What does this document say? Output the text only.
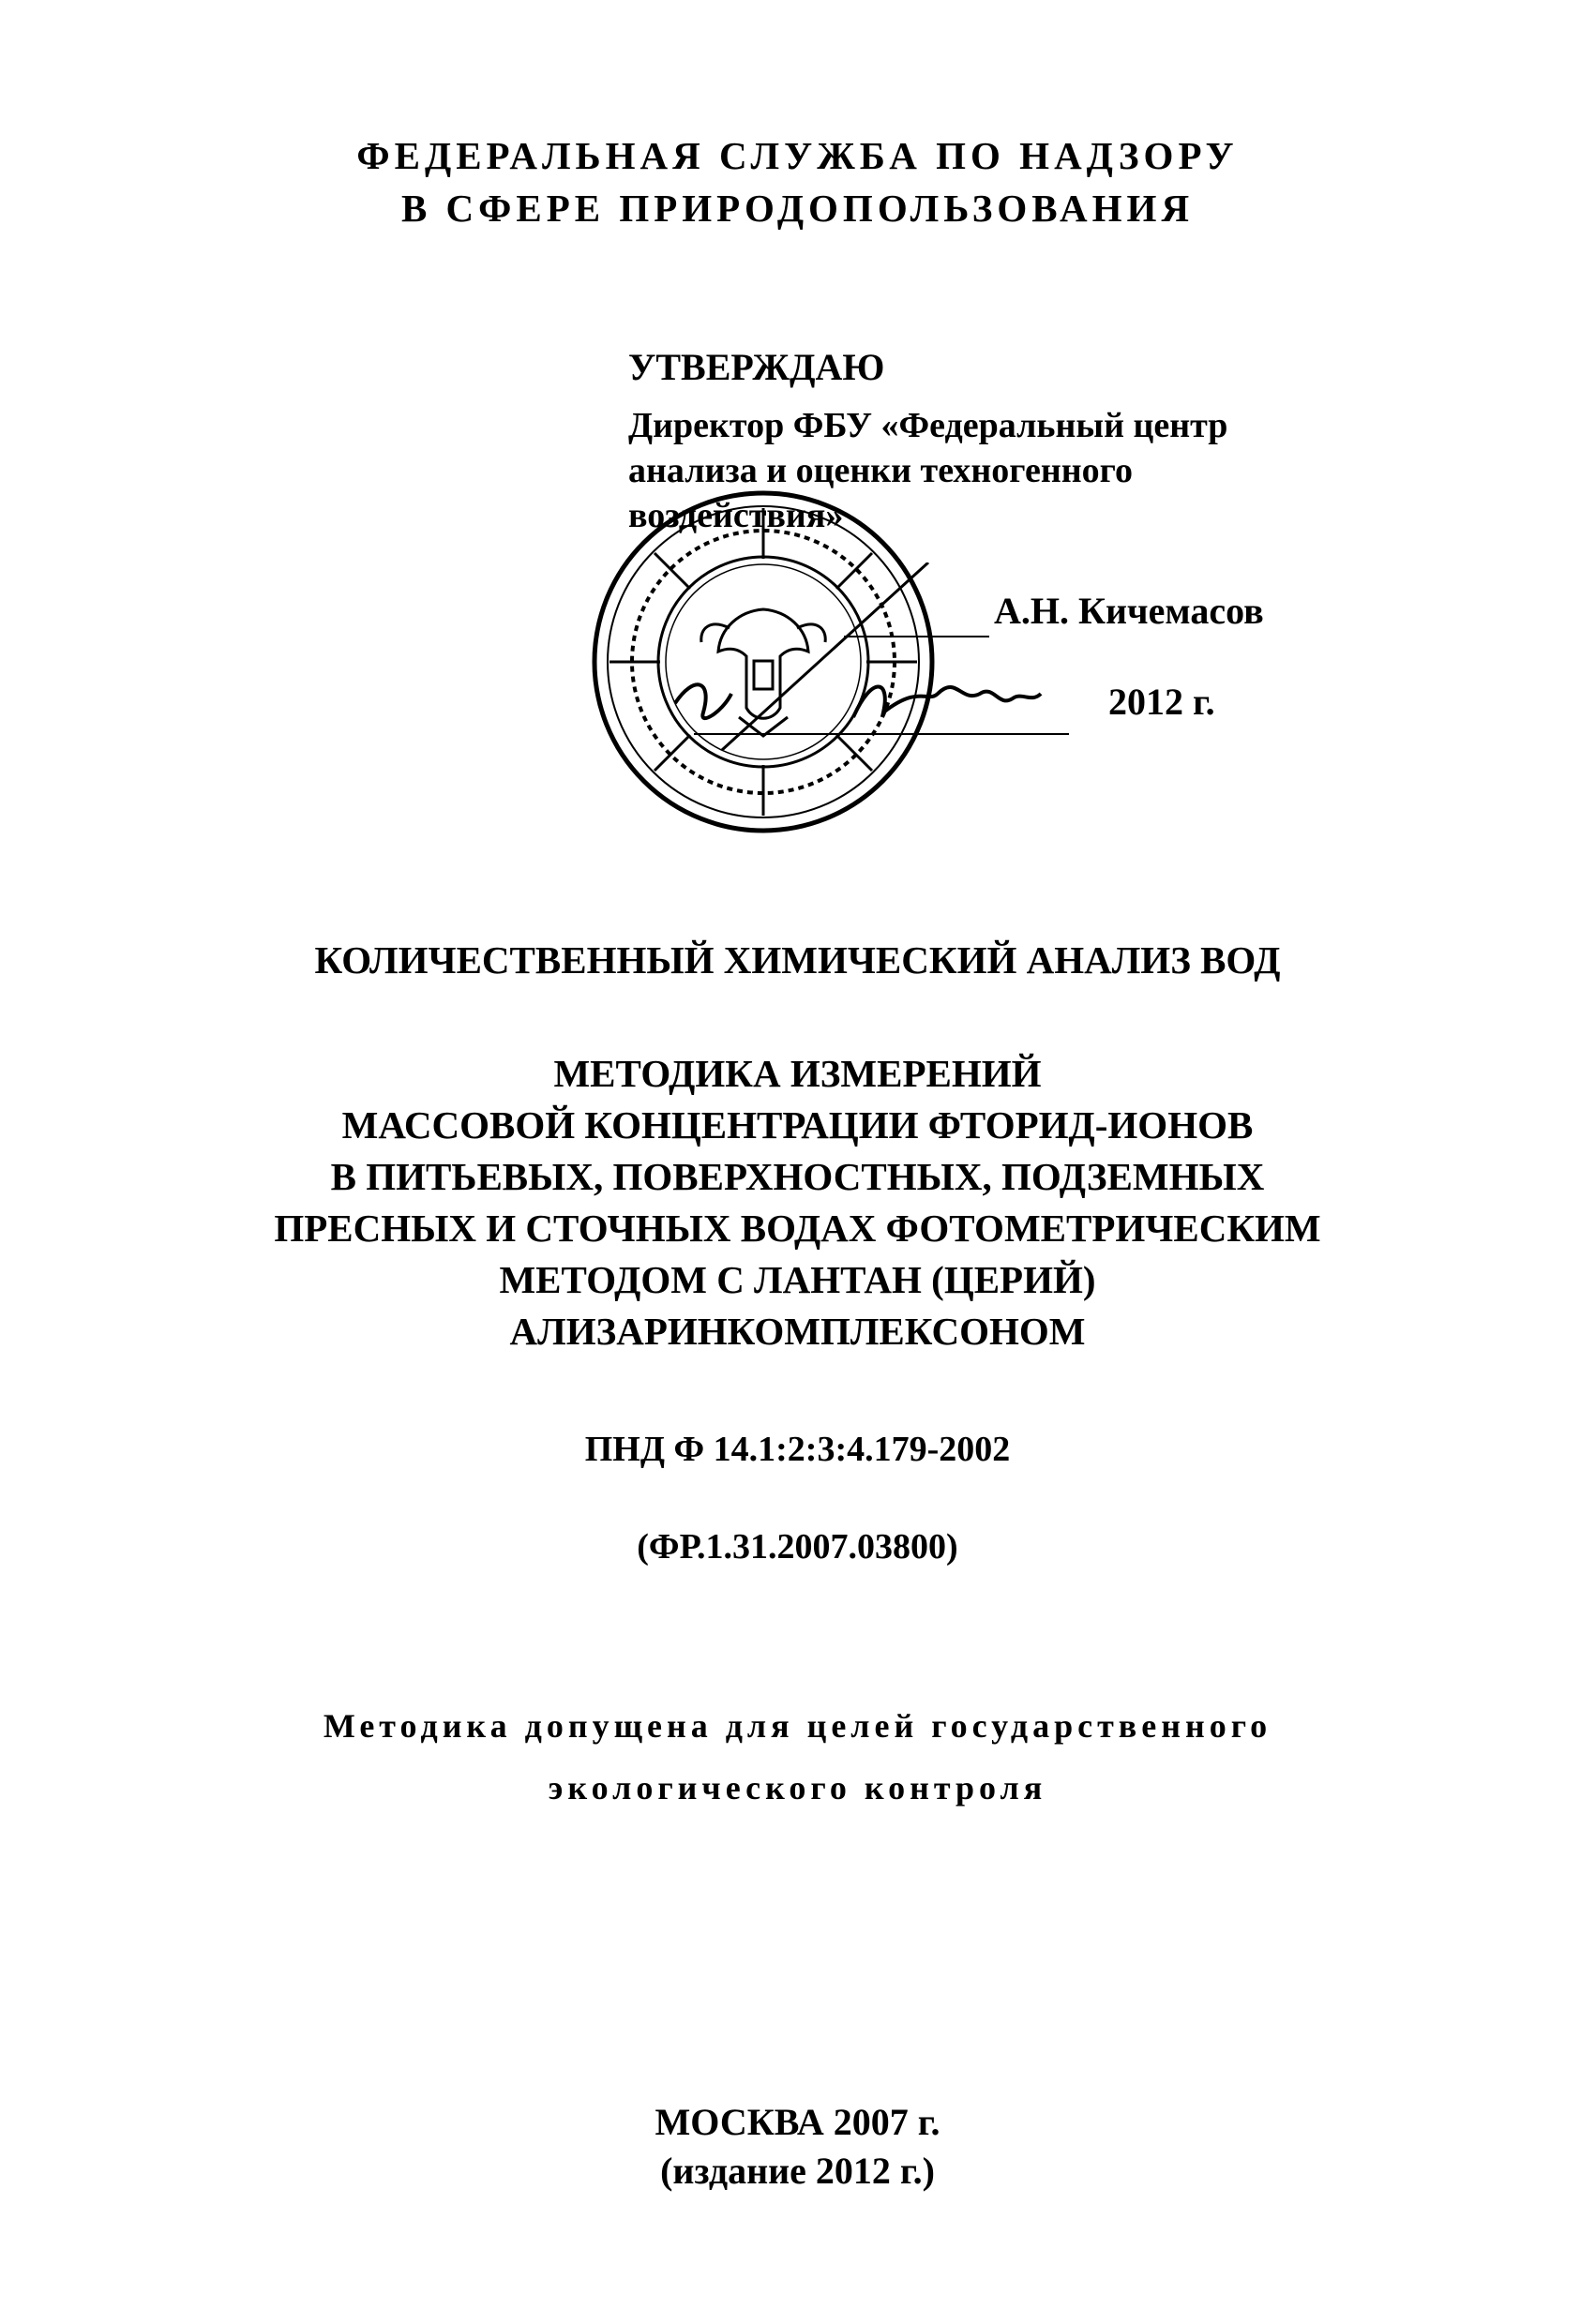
ФЕДЕРАЛЬНАЯ СЛУЖБА ПО НАДЗОРУ
В СФЕРЕ ПРИРОДОПОЛЬЗОВАНИЯ
УТВЕРЖДАЮ
Директор ФБУ «Федеральный центр
анализа и оценки техногенного
воздействия»
А.Н. Кичемасов
2012 г.
КОЛИЧЕСТВЕННЫЙ ХИМИЧЕСКИЙ АНАЛИЗ ВОД
МЕТОДИКА ИЗМЕРЕНИЙ
МАССОВОЙ КОНЦЕНТРАЦИИ ФТОРИД-ИОНОВ
В ПИТЬЕВЫХ, ПОВЕРХНОСТНЫХ, ПОДЗЕМНЫХ
ПРЕСНЫХ И СТОЧНЫХ ВОДАХ ФОТОМЕТРИЧЕСКИМ
МЕТОДОМ С ЛАНТАН (ЦЕРИЙ)
АЛИЗАРИНКОМПЛЕКСОНОМ
ПНД Ф 14.1:2:3:4.179-2002
(ФР.1.31.2007.03800)
Методика допущена для целей государственного
экологического контроля
МОСКВА 2007 г.
(издание 2012 г.)
